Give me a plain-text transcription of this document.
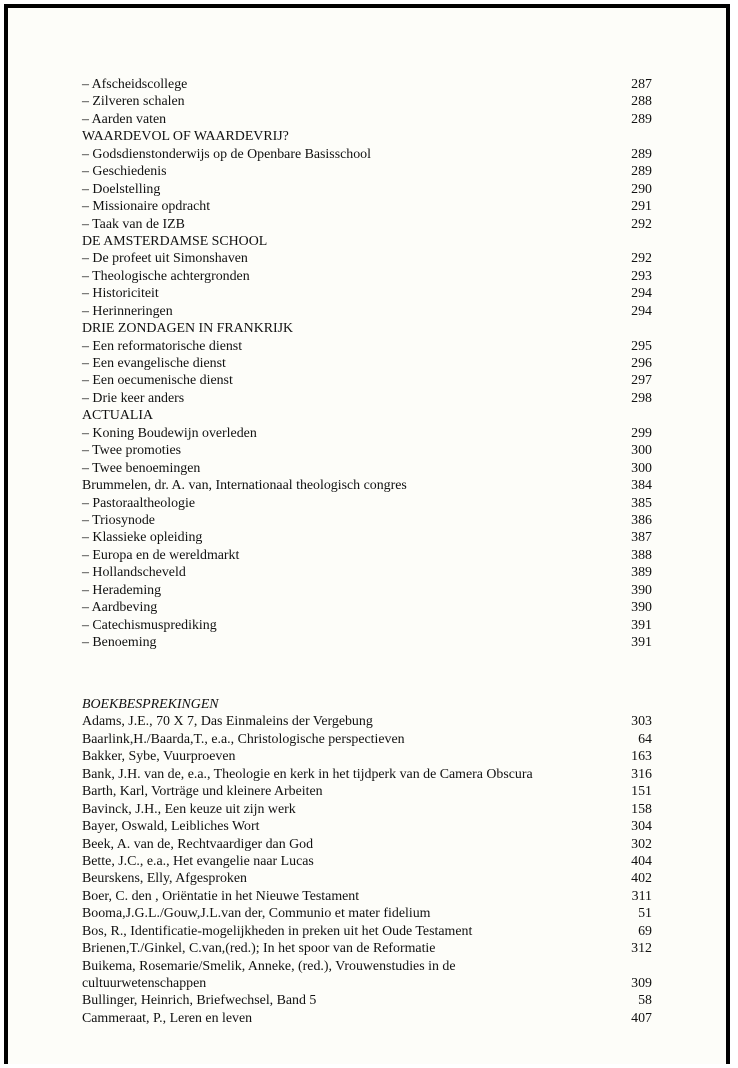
– Afscheidscollege	287
– Zilveren schalen	288
– Aarden vaten	289
WAARDEVOL OF WAARDEVRIJ?
– Godsdienstonderwijs op de Openbare Basisschool	289
– Geschiedenis	289
– Doelstelling	290
– Missionaire opdracht	291
– Taak van de IZB	292
DE AMSTERDAMSE SCHOOL
– De profeet uit Simonshaven	292
– Theologische achtergronden	293
– Historiciteit	294
– Herinneringen	294
DRIE ZONDAGEN IN FRANKRIJK
– Een reformatorische dienst	295
– Een evangelische dienst	296
– Een oecumenische dienst	297
– Drie keer anders	298
ACTUALIA
– Koning Boudewijn overleden	299
– Twee promoties	300
– Twee benoemingen	300
Brummelen, dr. A. van, Internationaal theologisch congres	384
– Pastoraaltheologie	385
– Triosynode	386
– Klassieke opleiding	387
– Europa en de wereldmarkt	388
– Hollandscheveld	389
– Herademing	390
– Aardbeving	390
– Catechismusprediking	391
– Benoeming	391
BOEKBESPREKINGEN
Adams, J.E., 70 X 7, Das Einmaleins der Vergebung	303
Baarlink,H./Baarda,T., e.a., Christologische perspectieven	64
Bakker, Sybe, Vuurproeven	163
Bank, J.H. van de, e.a., Theologie en kerk in het tijdperk van de Camera Obscura	316
Barth, Karl, Vorträge und kleinere Arbeiten	151
Bavinck, J.H., Een keuze uit zijn werk	158
Bayer, Oswald, Leibliches Wort	304
Beek, A. van de, Rechtvaardiger dan God	302
Bette, J.C., e.a., Het evangelie naar Lucas	404
Beurskens, Elly, Afgesproken	402
Boer, C. den , Oriëntatie in het Nieuwe Testament	311
Booma,J.G.L./Gouw,J.L.van der, Communio et mater fidelium	51
Bos, R., Identificatie-mogelijkheden in preken uit het Oude Testament	69
Brienen,T./Ginkel, C.van,(red.); In het spoor van de Reformatie	312
Buikema, Rosemarie/Smelik, Anneke, (red.), Vrouwenstudies in de
cultuurwetenschappen	309
Bullinger, Heinrich, Briefwechsel, Band 5	58
Cammeraat, P., Leren en leven	407
